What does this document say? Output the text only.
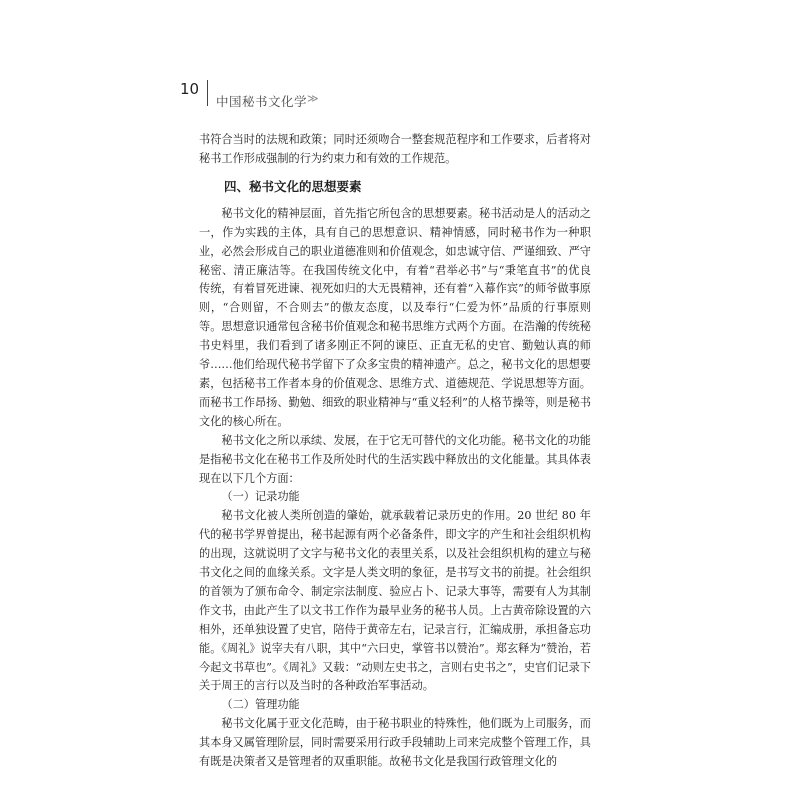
10
中国秘书文化学 ≫

书符合当时的法规和政策；同时还须吻合一整套规范程序和工作要求，后者将对秘书工作形成强制的行为约束力和有效的工作规范。

四、秘书文化的思想要素

秘书文化的精神层面，首先指它所包含的思想要素。秘书活动是人的活动之一，作为实践的主体，具有自己的思想意识、精神情感，同时秘书作为一种职业，必然会形成自己的职业道德准则和价值观念，如忠诚守信、严谨细致、严守秘密、清正廉洁等。在我国传统文化中，有着“君举必书”与“秉笔直书”的优良传统，有着冒死进谏、视死如归的大无畏精神，还有着“入幕作宾”的师爷做事原则，“合则留，不合则去”的傲友态度，以及奉行“仁爱为怀”品质的行事原则等。思想意识通常包含秘书价值观念和秘书思维方式两个方面。在浩瀚的传统秘书史料里，我们看到了诸多刚正不阿的谏臣、正直无私的史官、勤勉认真的师爷……他们给现代秘书学留下了众多宝贵的精神遗产。总之，秘书文化的思想要素，包括秘书工作者本身的价值观念、思维方式、道德规范、学说思想等方面。而秘书工作昂扬、勤勉、细致的职业精神与“重义轻利”的人格节操等，则是秘书文化的核心所在。

秘书文化之所以承续、发展，在于它无可替代的文化功能。秘书文化的功能是指秘书文化在秘书工作及所处时代的生活实践中释放出的文化能量。其具体表现在以下几个方面：

（一）记录功能

秘书文化被人类所创造的肇始，就承载着记录历史的作用。20 世纪 80 年代的秘书学界曾提出，秘书起源有两个必备条件，即文字的产生和社会组织机构的出现，这就说明了文字与秘书文化的表里关系，以及社会组织机构的建立与秘书文化之间的血缘关系。文字是人类文明的象征，是书写文书的前提。社会组织的首领为了颁布命令、制定宗法制度、验应占卜、记录大事等，需要有人为其制作文书，由此产生了以文书工作作为最早业务的秘书人员。上古黄帝除设置的六相外，还单独设置了史官，陪侍于黄帝左右，记录言行，汇编成册，承担备忘功能。《周礼》说宰夫有八职，其中“六曰史，掌管书以赞治”。郑玄释为“赞治，若今起文书草也”。《周礼》又载：“动则左史书之，言则右史书之”，史官们记录下关于周王的言行以及当时的各种政治军事活动。

（二）管理功能

秘书文化属于亚文化范畴，由于秘书职业的特殊性，他们既为上司服务，而其本身又属管理阶层，同时需要采用行政手段辅助上司来完成整个管理工作，具有既是决策者又是管理者的双重职能。故秘书文化是我国行政管理文化的
